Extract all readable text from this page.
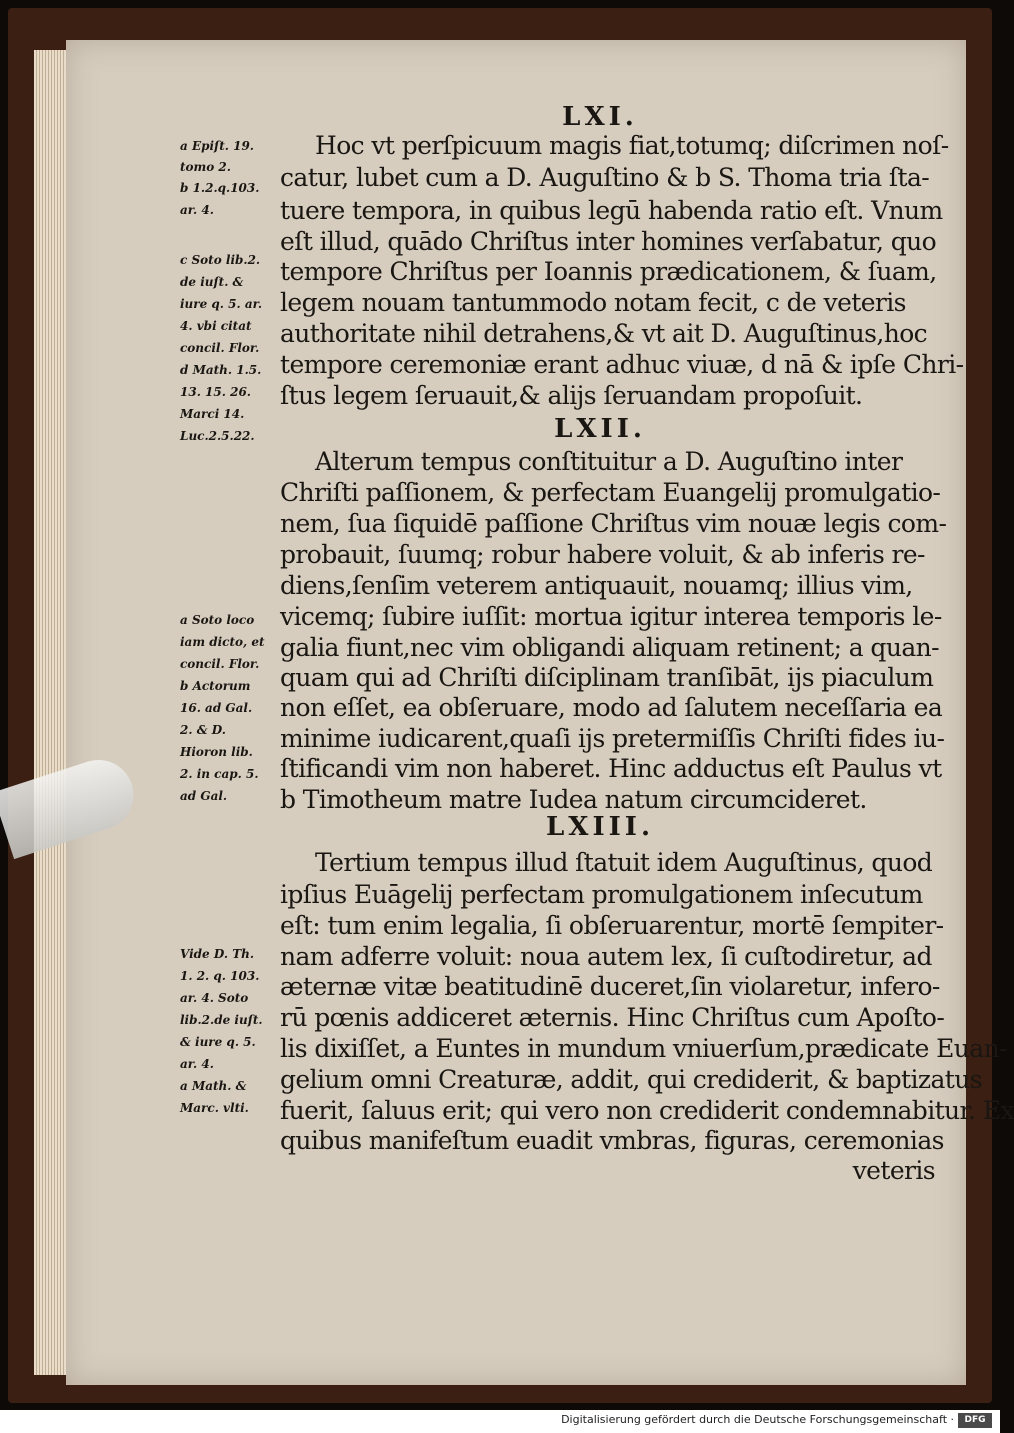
LXI.

Hoc vt perſpicuum magis fiat,totumq; diſcrimen noſ-

catur, lubet cum a D. Auguſtino & b S. Thoma tria ſta-

tuere tempora, in quibus legū habenda ratio eſt. Vnum

eſt illud, quādo Chriſtus inter homines verſabatur, quo

tempore Chriſtus per Ioannis prædicationem, & ſuam,

legem nouam tantummodo notam fecit, c de veteris

authoritate nihil detrahens,& vt ait D. Auguſtinus,hoc

tempore ceremoniæ erant adhuc viuæ, d nā & ipſe Chri-

ſtus legem ſeruauit,& alijs ſeruandam propoſuit.

LXII.

Alterum tempus conſtituitur a D. Auguſtino inter

Chriſti paſſionem, & perfectam Euangelij promulgatio-

nem, ſua ſiquidē paſſione Chriſtus vim nouæ legis com-

probauit, ſuumq; robur habere voluit, & ab inferis re-

diens,ſenſim veterem antiquauit, nouamq; illius vim,

vicemq; ſubire iuſſit: mortua igitur interea temporis le-

galia fiunt,nec vim obligandi aliquam retinent; a quan-

quam qui ad Chriſti diſciplinam tranſibāt, ijs piaculum

non eſſet, ea obſeruare, modo ad ſalutem neceſſaria ea

minime iudicarent,quaſi ijs pretermiſſis Chriſti fides iu-

ſtificandi vim non haberet. Hinc adductus eſt Paulus vt

b Timotheum matre Iudea natum circumcideret.

LXIII.

Tertium tempus illud ſtatuit idem Auguſtinus, quod

ipſius Euāgelij perfectam promulgationem inſecutum

eſt: tum enim legalia, ſi obſeruarentur, mortē ſempiter-

nam adferre voluit: noua autem lex, ſi cuſtodiretur, ad

æternæ vitæ beatitudinē duceret,ſin violaretur, infero-

rū pœnis addiceret æternis. Hinc Chriſtus cum Apoſto-

lis dixiſſet, a Euntes in mundum vniuerſum,prædicate Euan-

gelium omni Creaturæ, addit, qui crediderit, & baptizatus

fuerit, ſaluus erit; qui vero non crediderit condemnabitur. Ex

quibus manifeſtum euadit vmbras, figuras, ceremonias

veteris

a Epiſt. 19.

tomo 2.

b 1.2.q.103.

ar. 4.

c Soto lib.2.

de iuſt. &

iure q. 5. ar.

4. vbi citat

concil. Flor.

d Math. 1.5.

13. 15. 26.

Marci 14.

Luc.2.5.22.

a Soto loco

iam dicto, et

concil. Flor.

b Actorum

16. ad Gal.

2. & D.

Hioron lib.

2. in cap. 5.

ad Gal.

Vide D. Th.

1. 2. q. 103.

ar. 4. Soto

lib.2.de iuſt.

& iure q. 5.

ar. 4.

a Math. &

Marc. vlti.

Digitalisierung gefördert durch die Deutsche Forschungsgemeinschaft ·	DFG
